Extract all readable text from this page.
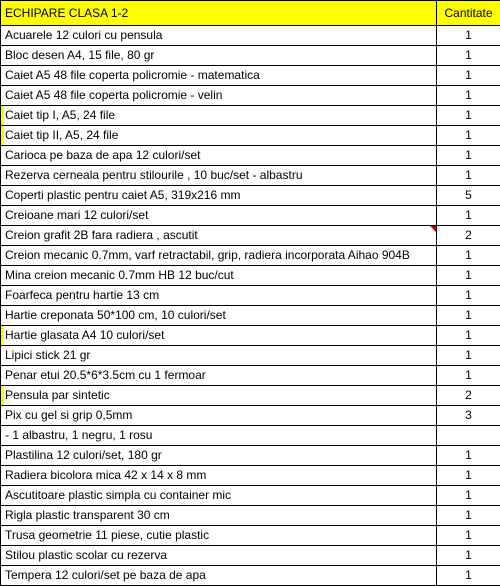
ECHIPARE CLASA 1-2	Cantitate
Acuarele 12 culori cu pensula	1
Bloc desen A4, 15 file, 80 gr	1
Caiet A5 48 file coperta policromie - matematica	1
Caiet A5 48 file coperta policromie - velin	1
Caiet tip I, A5, 24 file	1
Caiet tip II, A5, 24 file	1
Carioca pe baza de apa 12 culori/set	1
Rezerva cerneala pentru stilourile , 10 buc/set - albastru	1
Coperti plastic pentru caiet A5, 319x216 mm	5
Creioane mari 12 culori/set	1
Creion grafit 2B fara radiera , ascutit	2
Creion mecanic 0.7mm, varf retractabil, grip, radiera incorporata Aihao 904B	1
Mina creion mecanic 0.7mm HB 12 buc/cut	1
Foarfeca pentru hartie 13 cm	1
Hartie creponata 50*100 cm, 10 culori/set	1
Hartie glasata A4 10 culori/set	1
Lipici stick 21 gr	1
Penar etui 20.5*6*3.5cm cu 1 fermoar	1
Pensula par sintetic	2
Pix cu gel si grip 0,5mm	3
- 1 albastru, 1 negru, 1 rosu	
Plastilina 12 culori/set, 180 gr	1
Radiera bicolora mica 42 x 14 x 8 mm	1
Ascutitoare plastic simpla cu container mic	1
Rigla plastic transparent 30 cm	1
Trusa geometrie 11 piese, cutie plastic	1
Stilou plastic scolar cu rezerva	1
Tempera 12 culori/set pe baza de apa	1
